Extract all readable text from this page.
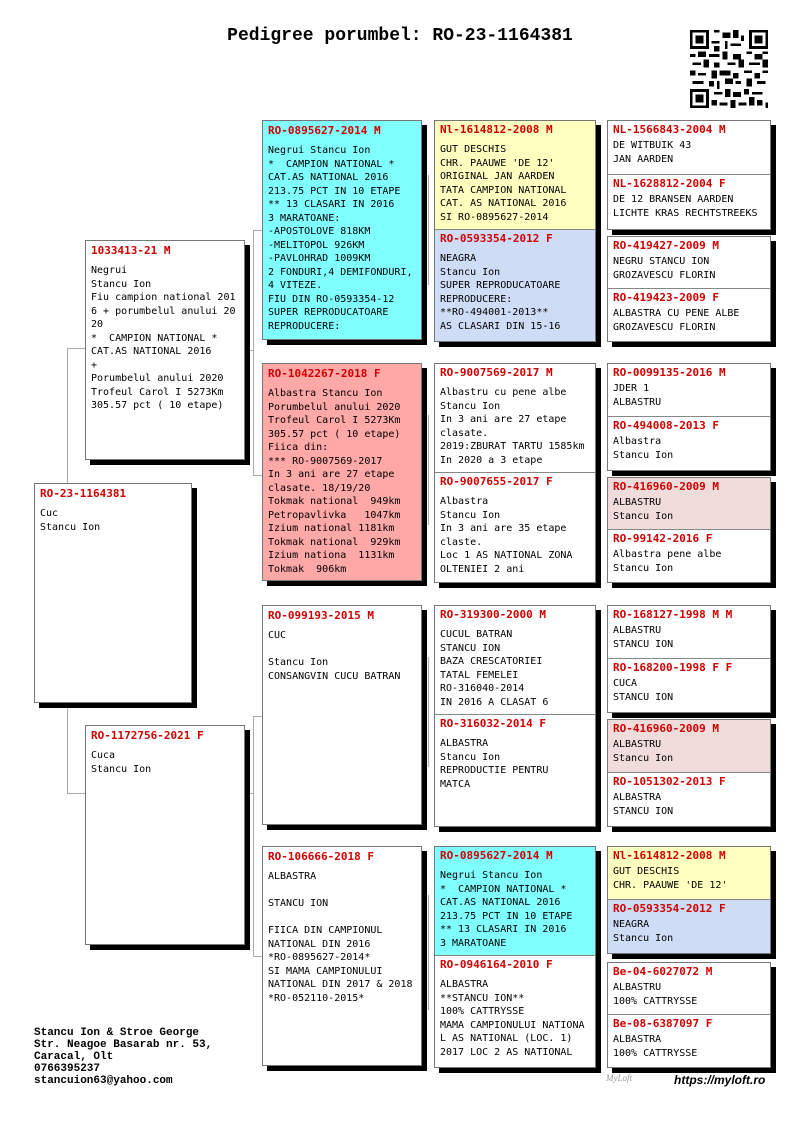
Pedigree porumbel: RO-23-1164381
RO-23-1164381
Cuc
Stancu Ion
1033413-21 M
Negrui
Stancu Ion
Fiu campion national 201
6 + porumbelul anului 20
20
*  CAMPION NATIONAL *
CAT.AS NATIONAL 2016
+
Porumbelul anului 2020
Trofeul Carol I 5273Km
305.57 pct ( 10 etape)
RO-1172756-2021 F
Cuca
Stancu Ion
RO-0895627-2014 M
Negrui Stancu Ion
*  CAMPION NATIONAL *
CAT.AS NATIONAL 2016
213.75 PCT IN 10 ETAPE
** 13 CLASARI IN 2016
3 MARATOANE:
-APOSTOLOVE 818KM
-MELITOPOL 926KM
-PAVLOHRAD 1009KM
2 FONDURI,4 DEMIFONDURI,
4 VITEZE.
FIU DIN RO-0593354-12
SUPER REPRODUCATOARE
REPRODUCERE:
RO-1042267-2018 F
Albastra Stancu Ion
Porumbelul anului 2020
Trofeul Carol I 5273Km
305.57 pct ( 10 etape)
Fiica din:
*** RO-9007569-2017
In 3 ani are 27 etape
clasate. 18/19/20
Tokmak national  949km
Petropavlivka   1047km
Izium national 1181km
Tokmak national  929km
Izium nationa  1131km
Tokmak  906km
RO-099193-2015 M
CUC

Stancu Ion
CONSANGVIN CUCU BATRAN
RO-106666-2018 F
ALBASTRA

STANCU ION

FIICA DIN CAMPIONUL
NATIONAL DIN 2016
*RO-0895627-2014*
SI MAMA CAMPIONULUI
NATIONAL DIN 2017 & 2018
*RO-052110-2015*
Nl-1614812-2008 M
GUT DESCHIS
CHR. PAAUWE 'DE 12'
ORIGINAL JAN AARDEN
TATA CAMPION NATIONAL
CAT. AS NATIONAL 2016
SI RO-0895627-2014
RO-0593354-2012 F
NEAGRA
Stancu Ion
SUPER REPRODUCATOARE
REPRODUCERE:
**RO-494001-2013**
AS CLASARI DIN 15-16
RO-9007569-2017 M
Albastru cu pene albe
Stancu Ion
In 3 ani are 27 etape
clasate.
2019:ZBURAT TARTU 1585km
In 2020 a 3 etape
RO-9007655-2017 F
Albastra
Stancu Ion
In 3 ani are 35 etape
claste.
Loc 1 AS NATIONAL ZONA
OLTENIEI 2 ani
RO-319300-2000 M
CUCUL BATRAN
STANCU ION
BAZA CRESCATORIEI
TATAL FEMELEI
RO-316040-2014
IN 2016 A CLASAT 6
RO-316032-2014 F
ALBASTRA
Stancu Ion
REPRODUCTIE PENTRU
MATCA
RO-0895627-2014 M
Negrui Stancu Ion
*  CAMPION NATIONAL *
CAT.AS NATIONAL 2016
213.75 PCT IN 10 ETAPE
** 13 CLASARI IN 2016
3 MARATOANE
RO-0946164-2010 F
ALBASTRA
**STANCU ION**
100% CATTRYSSE
MAMA CAMPIONULUI NATIONA
L AS NATIONAL (LOC. 1)
2017 LOC 2 AS NATIONAL
NL-1566843-2004 M
DE WITBUIK 43
JAN AARDEN
NL-1628812-2004 F
DE 12 BRANSEN AARDEN
LICHTE KRAS RECHTSTREEKS
RO-419427-2009 M
NEGRU STANCU ION
GROZAVESCU FLORIN
RO-419423-2009 F
ALBASTRA CU PENE ALBE
GROZAVESCU FLORIN
RO-0099135-2016 M
JDER 1
ALBASTRU
RO-494008-2013 F
Albastra
Stancu Ion
RO-416960-2009 M
ALBASTRU
Stancu Ion
RO-99142-2016 F
Albastra pene albe
Stancu Ion
RO-168127-1998 M M
ALBASTRU
STANCU ION
RO-168200-1998 F F
CUCA
STANCU ION
RO-416960-2009 M
ALBASTRU
Stancu Ion
RO-1051302-2013 F
ALBASTRA
STANCU ION
Nl-1614812-2008 M
GUT DESCHIS
CHR. PAAUWE 'DE 12'
RO-0593354-2012 F
NEAGRA
Stancu Ion
Be-04-6027072 M
ALBASTRU
100% CATTRYSSE
Be-08-6387097 F
ALBASTRA
100% CATTRYSSE
Stancu Ion & Stroe George
Str. Neagoe Basarab nr. 53,
Caracal, Olt
0766395237
stancuion63@yahoo.com	MyLoft	https://myloft.ro
